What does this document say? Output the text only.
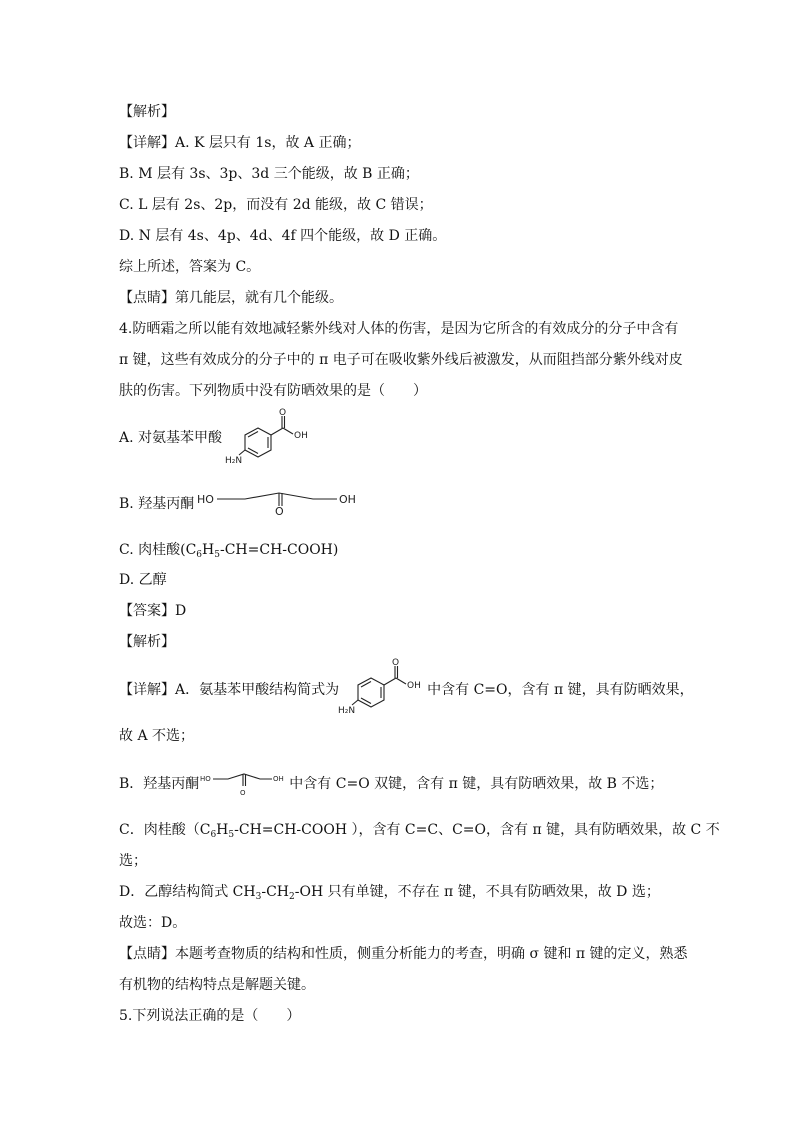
【解析】
【详解】A. K 层只有 1s，故 A 正确；
B. M 层有 3s、3p、3d 三个能级，故 B 正确；
C. L 层有 2s、2p，而没有 2d 能级，故 C 错误；
D. N 层有 4s、4p、4d、4f 四个能级，故 D 正确。
综上所述，答案为 C。
【点睛】第几能层，就有几个能级。
4.防晒霜之所以能有效地减轻紫外线对人体的伤害，是因为它所含的有效成分的分子中含有
π 键，这些有效成分的分子中的 π 电子可在吸收紫外线后被激发，从而阻挡部分紫外线对皮
肤的伤害。下列物质中没有防晒效果的是（　　）
A. 对氨基苯甲酸
O
OH
H₂N
B. 羟基丙酮 HO
O
OH
C. 肉桂酸$(C_6H_5-CH=CH-COOH)$
D. 乙醇
【答案】D
【解析】
【详解】A．氨基苯甲酸结构简式为	中含有 C=O，含有 π 键，具有防晒效果，
O
OH
H₂N
故 A 不选；
B．羟基丙酮	中含有 C=O 双键，含有 π 键，具有防晒效果，故 B 不选；
HO
O
OH
C．肉桂酸（$C_6H_5-CH=CH$-COOH ），含有 C=C、C=O，含有 π 键，具有防晒效果，故 C 不
选；
D．乙醇结构简式 $CH_3-CH_2-OH$ 只有单键，不存在 π 键，不具有防晒效果，故 D 选；
故选：D。
【点睛】本题考查物质的结构和性质，侧重分析能力的考查，明确 σ 键和 π 键的定义，熟悉
有机物的结构特点是解题关键。
5.下列说法正确的是（　　）
